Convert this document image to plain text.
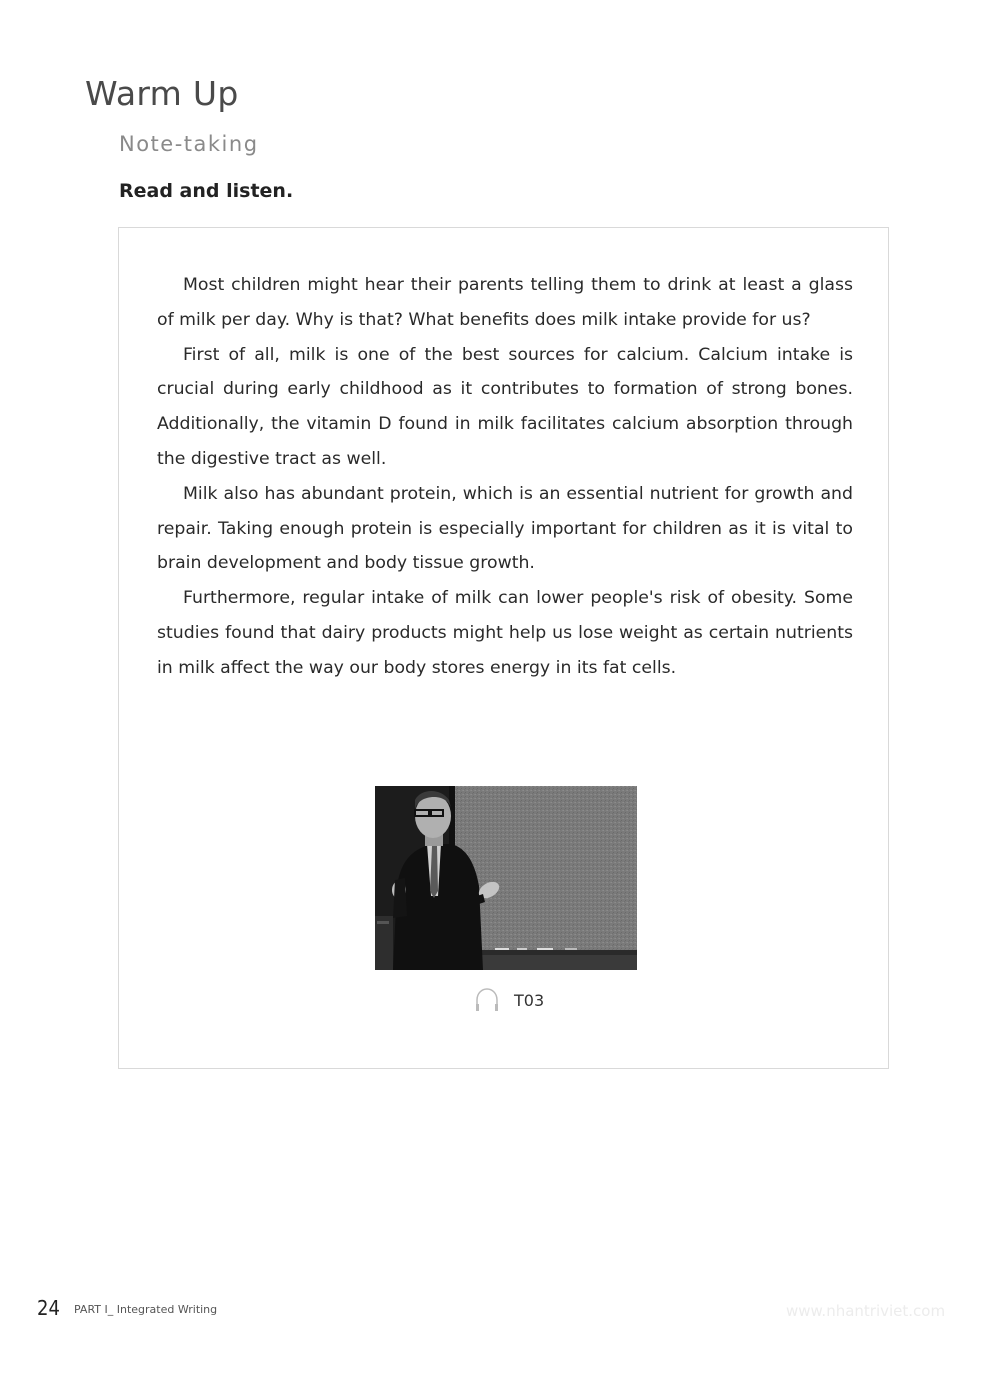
Warm Up
Note-taking
Read and listen.

Most children might hear their parents telling them to drink at least a glass of milk per day. Why is that? What benefits does milk intake provide for us?

First of all, milk is one of the best sources for calcium. Calcium intake is crucial during early childhood as it contributes to formation of strong bones. Additionally, the vitamin D found in milk facilitates calcium absorption through the digestive tract as well.

Milk also has abundant protein, which is an essential nutrient for growth and repair. Taking enough protein is especially important for children as it is vital to brain development and body tissue growth.

Furthermore, regular intake of milk can lower people's risk of obesity. Some studies found that dairy products might help us lose weight as certain nutrients in milk affect the way our body stores energy in its fat cells.

T03
24 PART I_ Integrated Writing	www.nhantriviet.com
